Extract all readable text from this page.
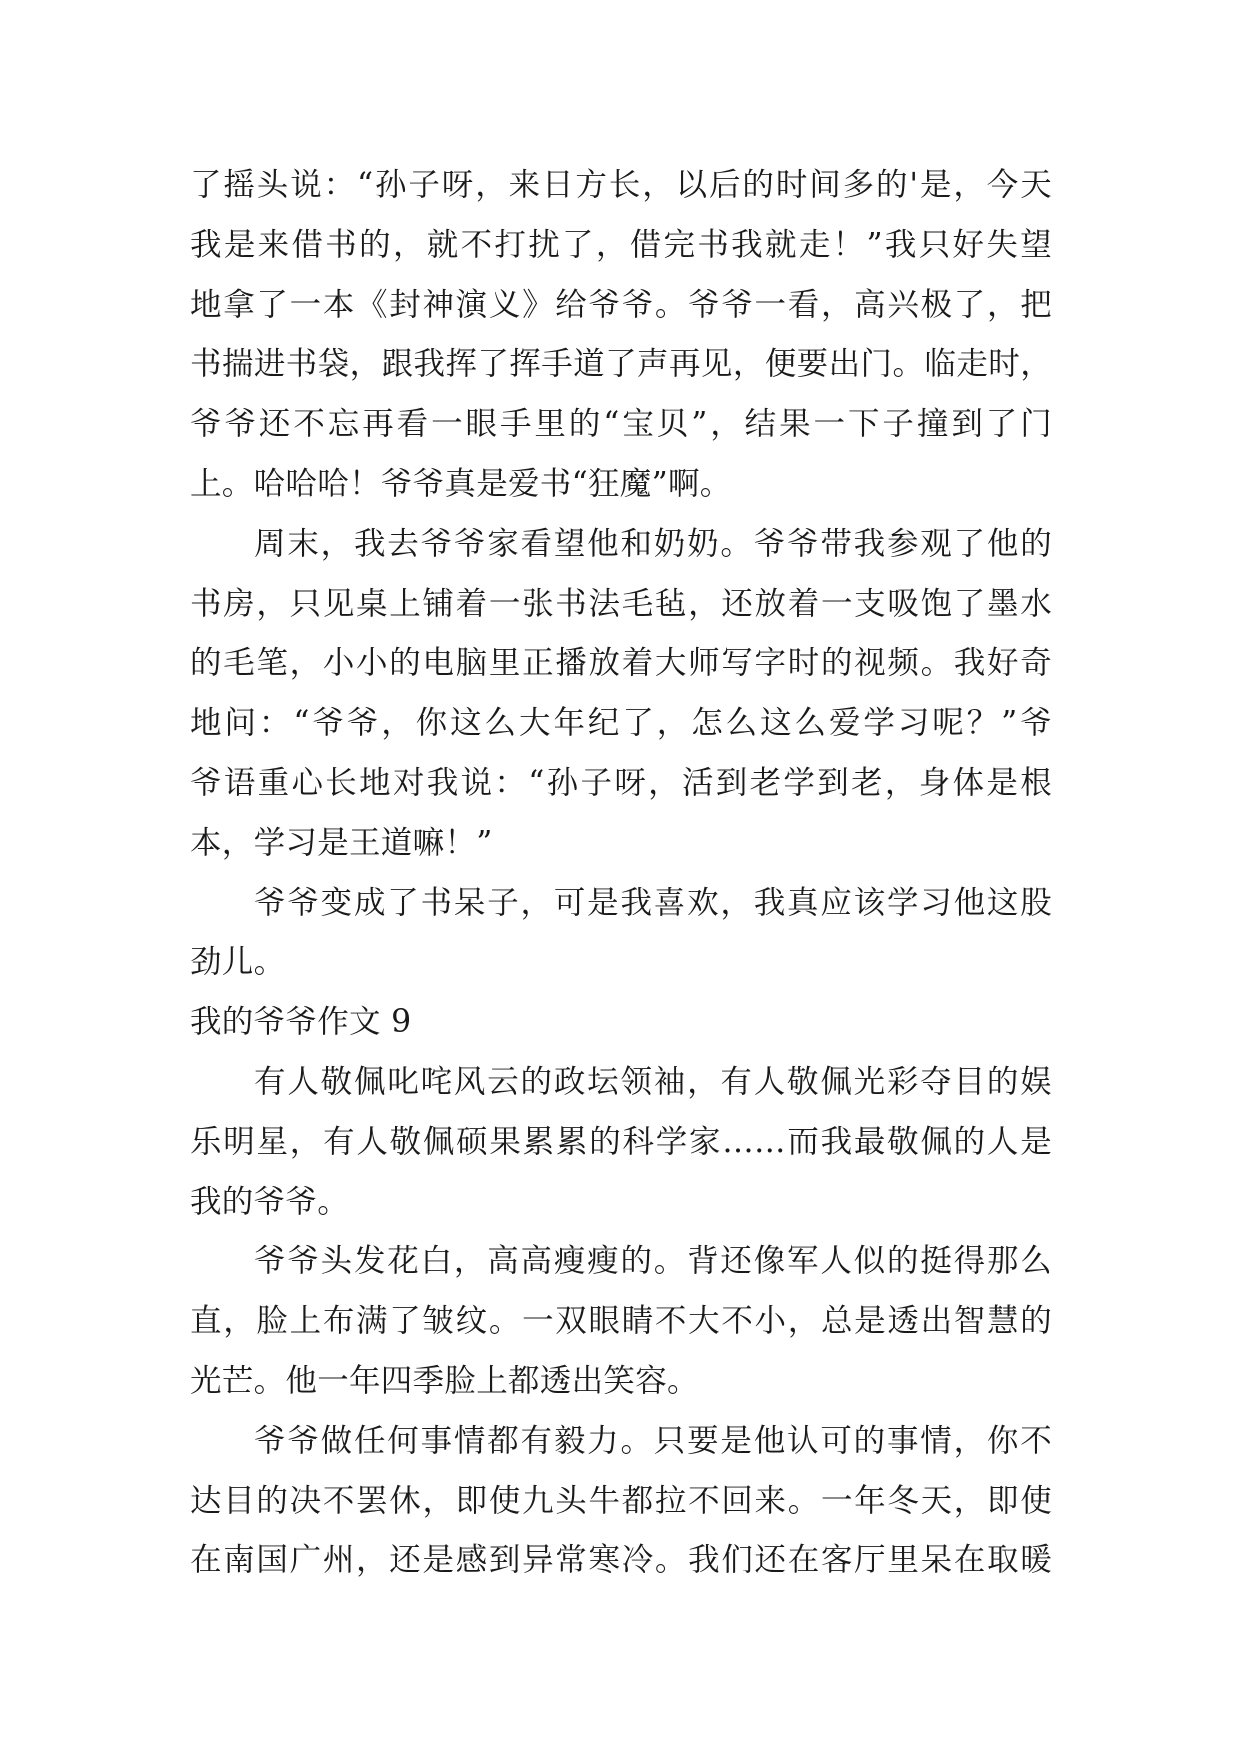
了摇头说：“孙子呀，来日方长，以后的时间多的'是，今天
我是来借书的，就不打扰了，借完书我就走！”我只好失望
地拿了一本《封神演义》给爷爷。爷爷一看，高兴极了，把
书揣进书袋，跟我挥了挥手道了声再见，便要出门。临走时，
爷爷还不忘再看一眼手里的“宝贝”，结果一下子撞到了门
上。哈哈哈！爷爷真是爱书“狂魔”啊。
周末，我去爷爷家看望他和奶奶。爷爷带我参观了他的
书房，只见桌上铺着一张书法毛毡，还放着一支吸饱了墨水
的毛笔，小小的电脑里正播放着大师写字时的视频。我好奇
地问：“爷爷，你这么大年纪了，怎么这么爱学习呢？”爷
爷语重心长地对我说：“孙子呀，活到老学到老，身体是根
本，学习是王道嘛！”
爷爷变成了书呆子，可是我喜欢，我真应该学习他这股
劲儿。
我的爷爷作文 9
有人敬佩叱咤风云的政坛领袖，有人敬佩光彩夺目的娱
乐明星，有人敬佩硕果累累的科学家……而我最敬佩的人是
我的爷爷。
爷爷头发花白，高高瘦瘦的。背还像军人似的挺得那么
直，脸上布满了皱纹。一双眼睛不大不小，总是透出智慧的
光芒。他一年四季脸上都透出笑容。
爷爷做任何事情都有毅力。只要是他认可的事情，你不
达目的决不罢休，即使九头牛都拉不回来。一年冬天，即使
在南国广州，还是感到异常寒冷。我们还在客厅里呆在取暖
